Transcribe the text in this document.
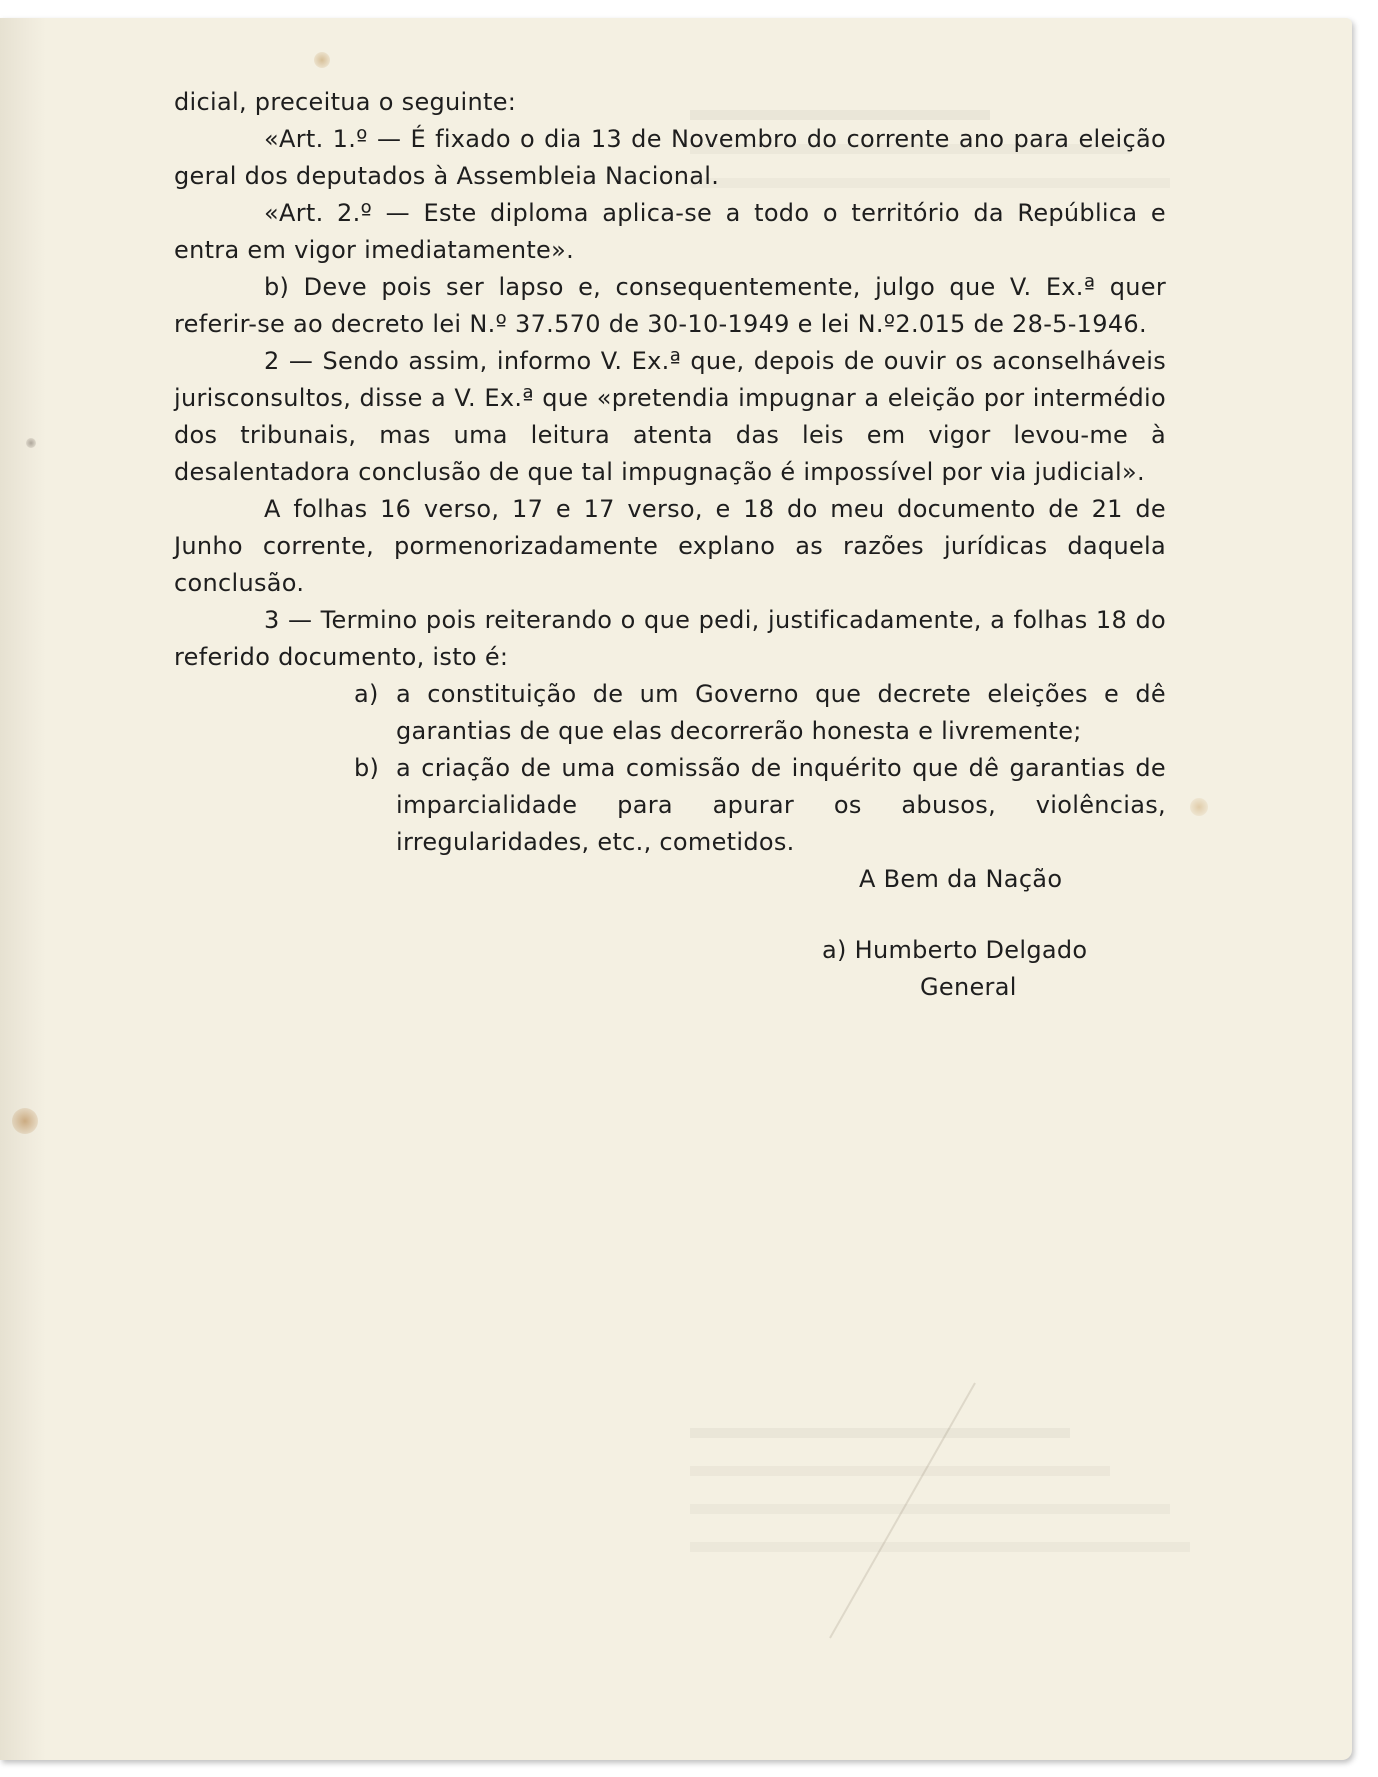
dicial, preceitua o seguinte:

«Art. 1.º — É fixado o dia 13 de Novembro do corrente ano para eleição geral dos deputados à Assembleia Nacional.

«Art. 2.º — Este diploma aplica-se a todo o território da República e entra em vigor imediatamente».

b) Deve pois ser lapso e, consequentemente, julgo que V. Ex.ª quer referir-se ao decreto lei N.º 37.570 de 30-10-1949 e lei N.º2.015 de 28-5-1946.

2 — Sendo assim, informo V. Ex.ª que, depois de ouvir os aconselháveis jurisconsultos, disse a V. Ex.ª que «pretendia impugnar a eleição por intermédio dos tribunais, mas uma leitura atenta das leis em vigor levou-me à desalentadora conclusão de que tal impugnação é impossível por via judicial».

A folhas 16 verso, 17 e 17 verso, e 18 do meu documento de 21 de Junho corrente, pormenorizadamente explano as razões jurídicas daquela conclusão.

3 — Termino pois reiterando o que pedi, justificadamente, a folhas 18 do referido documento, isto é:

a) a constituição de um Governo que decrete eleições e dê garantias de que elas decorrerão honesta e livremente;
b) a criação de uma comissão de inquérito que dê garantias de imparcialidade para apurar os abusos, violências, irregularidades, etc., cometidos.

A Bem da Nação

a) Humberto Delgado

General
